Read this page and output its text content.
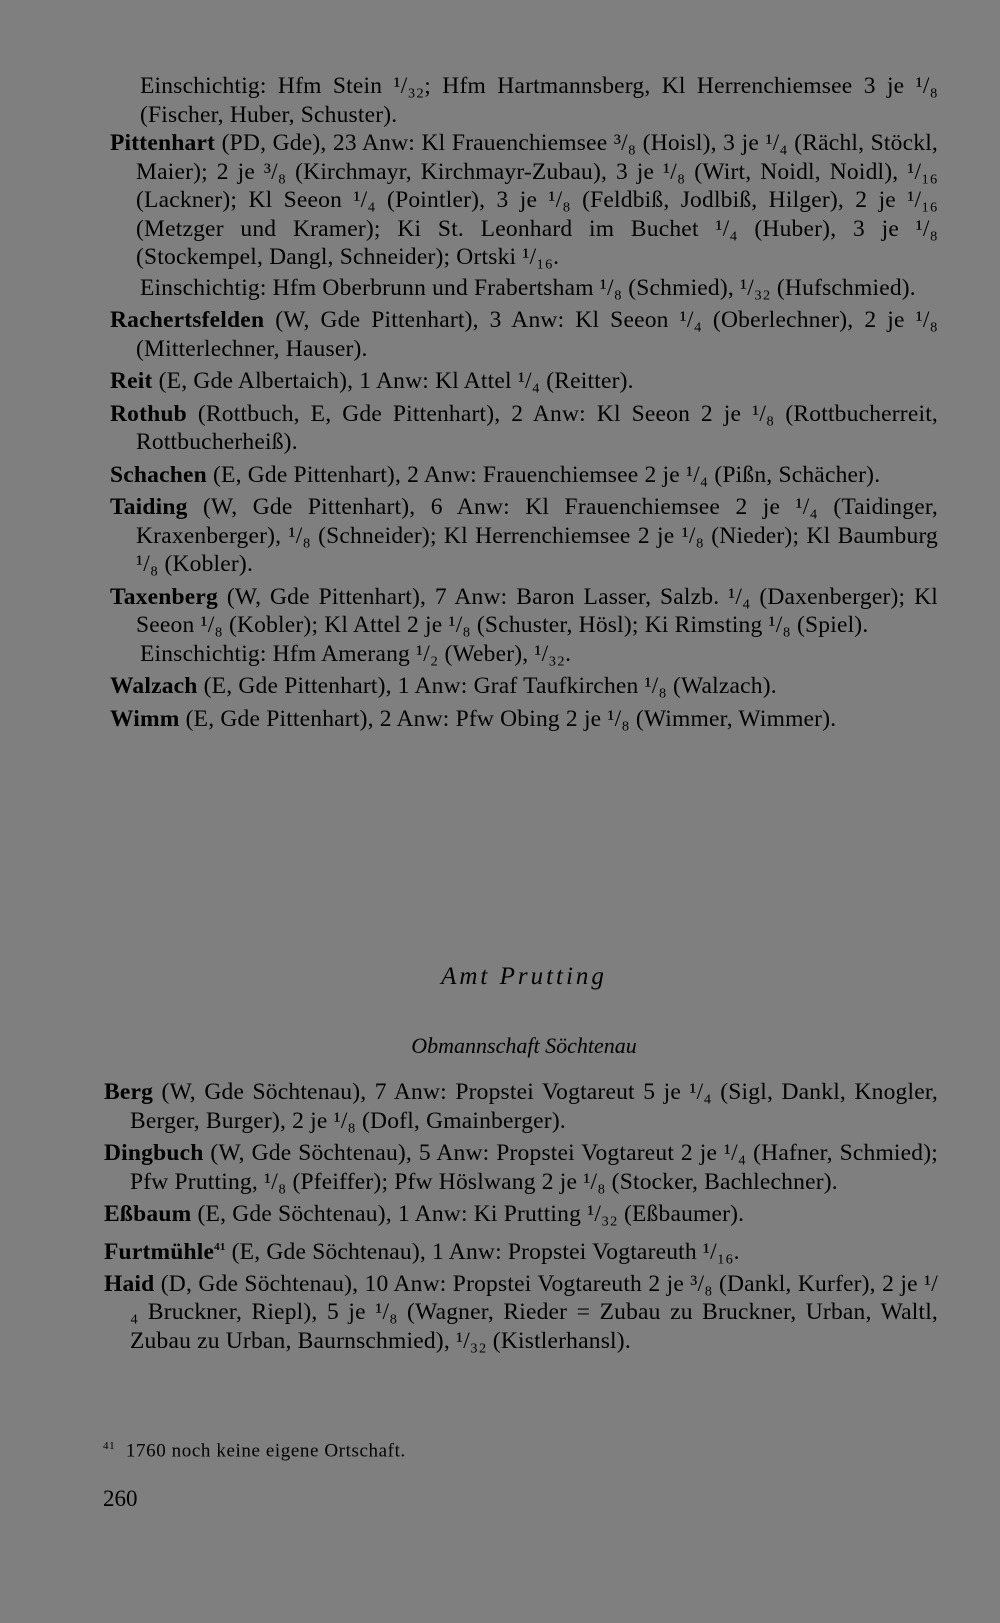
Einschichtig: Hfm Stein ¹/₃₂; Hfm Hartmannsberg, Kl Herrenchiemsee 3 je ¹/₈ (Fischer, Huber, Schuster).

Pittenhart (PD, Gde), 23 Anw: Kl Frauenchiemsee ³/₈ (Hoisl), 3 je ¹/₄ (Rächl, Stöckl, Maier); 2 je ³/₈ (Kirchmayr, Kirchmayr-Zubau), 3 je ¹/₈ (Wirt, Noidl, Noidl), ¹/₁₆ (Lackner); Kl Seeon ¹/₄ (Pointler), 3 je ¹/₈ (Feldbiß, Jodlbiß, Hilger), 2 je ¹/₁₆ (Metzger und Kramer); Ki St. Leonhard im Buchet ¹/₄ (Huber), 3 je ¹/₈ (Stockempel, Dangl, Schneider); Ortski ¹/₁₆.

Einschichtig: Hfm Oberbrunn und Frabertsham ¹/₈ (Schmied), ¹/₃₂ (Hufschmied).

Rachertsfelden (W, Gde Pittenhart), 3 Anw: Kl Seeon ¹/₄ (Oberlechner), 2 je ¹/₈ (Mitterlechner, Hauser).

Reit (E, Gde Albertaich), 1 Anw: Kl Attel ¹/₄ (Reitter).

Rothub (Rottbuch, E, Gde Pittenhart), 2 Anw: Kl Seeon 2 je ¹/₈ (Rottbucherreit, Rottbucherheiß).

Schachen (E, Gde Pittenhart), 2 Anw: Frauenchiemsee 2 je ¹/₄ (Pißn, Schächer).

Taiding (W, Gde Pittenhart), 6 Anw: Kl Frauenchiemsee 2 je ¹/₄ (Taidinger, Kraxenberger), ¹/₈ (Schneider); Kl Herrenchiemsee 2 je ¹/₈ (Nieder); Kl Baumburg ¹/₈ (Kobler).

Taxenberg (W, Gde Pittenhart), 7 Anw: Baron Lasser, Salzb. ¹/₄ (Daxenberger); Kl Seeon ¹/₈ (Kobler); Kl Attel 2 je ¹/₈ (Schuster, Hösl); Ki Rimsting ¹/₈ (Spiel).

Einschichtig: Hfm Amerang ¹/₂ (Weber), ¹/₃₂.

Walzach (E, Gde Pittenhart), 1 Anw: Graf Taufkirchen ¹/₈ (Walzach).

Wimm (E, Gde Pittenhart), 2 Anw: Pfw Obing 2 je ¹/₈ (Wimmer, Wimmer).

Amt Prutting
Obmannschaft Söchtenau

Berg (W, Gde Söchtenau), 7 Anw: Propstei Vogtareut 5 je ¹/₄ (Sigl, Dankl, Knogler, Berger, Burger), 2 je ¹/₈ (Dofl, Gmainberger).

Dingbuch (W, Gde Söchtenau), 5 Anw: Propstei Vogtareut 2 je ¹/₄ (Hafner, Schmied); Pfw Prutting, ¹/₈ (Pfeiffer); Pfw Höslwang 2 je ¹/₈ (Stocker, Bachlechner).

Eßbaum (E, Gde Söchtenau), 1 Anw: Ki Prutting ¹/₃₂ (Eßbaumer).

Furtmühle$^{41}$ (E, Gde Söchtenau), 1 Anw: Propstei Vogtareuth ¹/₁₆.

Haid (D, Gde Söchtenau), 10 Anw: Propstei Vogtareuth 2 je ³/₈ (Dankl, Kurfer), 2 je ¹/₄ Bruckner, Riepl), 5 je ¹/₈ (Wagner, Rieder = Zubau zu Bruckner, Urban, Waltl, Zubau zu Urban, Baurnschmied), ¹/₃₂ (Kistlerhansl).

$^{41}$ 1760 noch keine eigene Ortschaft.
260
